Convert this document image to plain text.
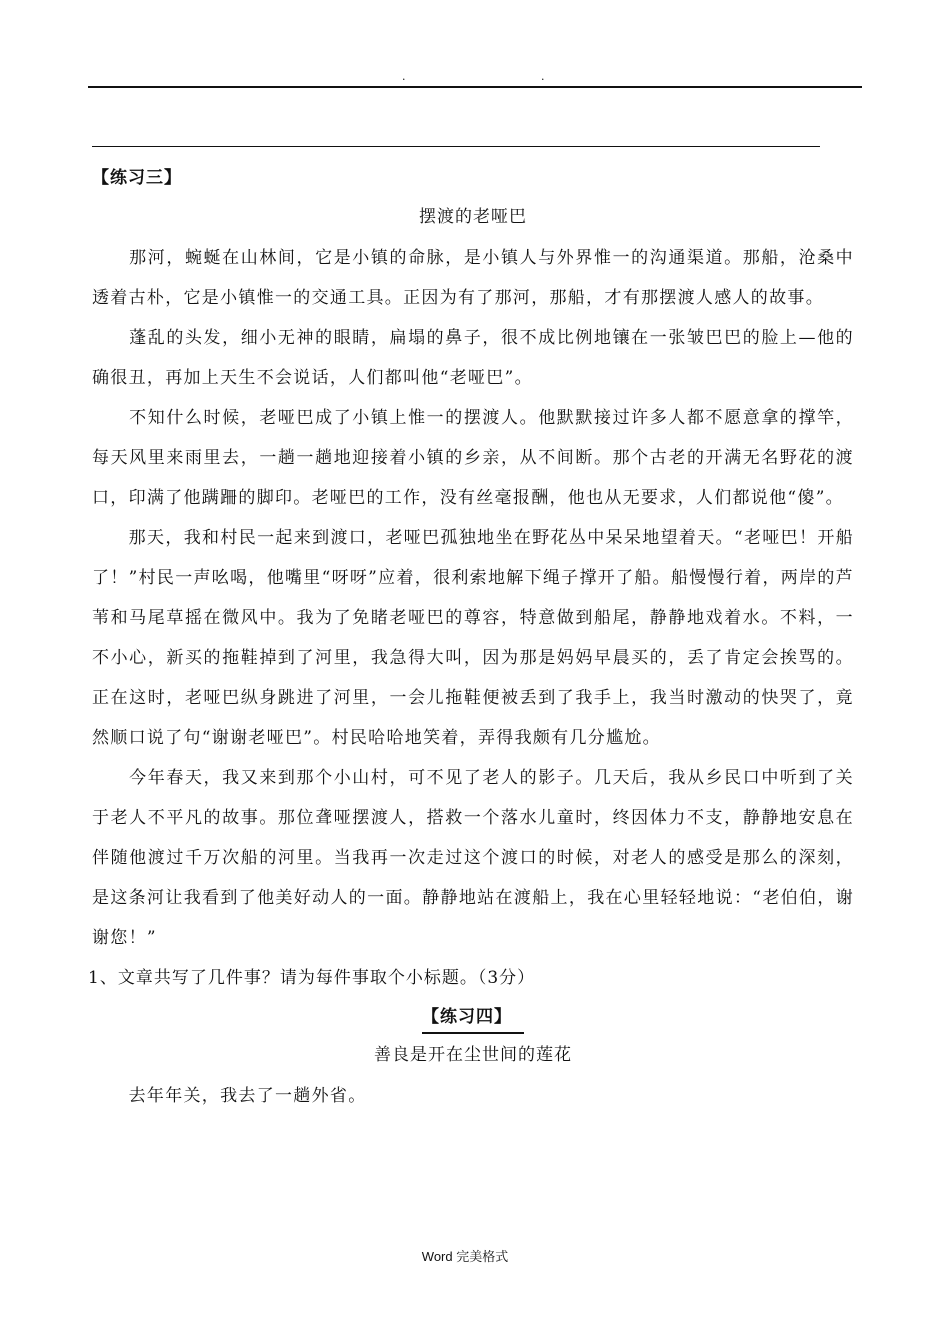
.	.
【练习三】
摆渡的老哑巴

　　那河，蜿蜒在山林间，它是小镇的命脉，是小镇人与外界惟一的沟通渠道。那船，沧桑中透着古朴，它是小镇惟一的交通工具。正因为有了那河，那船，才有那摆渡人感人的故事。

　　蓬乱的头发，细小无神的眼睛，扁塌的鼻子，很不成比例地镶在一张皱巴巴的脸上—他的确很丑，再加上天生不会说话，人们都叫他“老哑巴”。

　　不知什么时候，老哑巴成了小镇上惟一的摆渡人。他默默接过许多人都不愿意拿的撑竿，每天风里来雨里去，一趟一趟地迎接着小镇的乡亲，从不间断。那个古老的开满无名野花的渡口，印满了他蹒跚的脚印。老哑巴的工作，没有丝毫报酬，他也从无要求，人们都说他“傻”。

　　那天，我和村民一起来到渡口，老哑巴孤独地坐在野花丛中呆呆地望着天。“老哑巴！开船了！”村民一声吆喝，他嘴里“呀呀”应着，很利索地解下绳子撑开了船。船慢慢行着，两岸的芦苇和马尾草摇在微风中。我为了免睹老哑巴的尊容，特意做到船尾，静静地戏着水。不料，一不小心，新买的拖鞋掉到了河里，我急得大叫，因为那是妈妈早晨买的，丢了肯定会挨骂的。正在这时，老哑巴纵身跳进了河里，一会儿拖鞋便被丢到了我手上，我当时激动的快哭了，竟然顺口说了句“谢谢老哑巴”。村民哈哈地笑着，弄得我颇有几分尴尬。

　　今年春天，我又来到那个小山村，可不见了老人的影子。几天后，我从乡民口中听到了关于老人不平凡的故事。那位聋哑摆渡人，搭救一个落水儿童时，终因体力不支，静静地安息在伴随他渡过千万次船的河里。当我再一次走过这个渡口的时候，对老人的感受是那么的深刻，是这条河让我看到了他美好动人的一面。静静地站在渡船上，我在心里轻轻地说：“老伯伯，谢谢您！”

1、文章共写了几件事？请为每件事取个小标题。（3分）

【练习四】
善良是开在尘世间的莲花

　　去年年关，我去了一趟外省。

Word 完美格式
